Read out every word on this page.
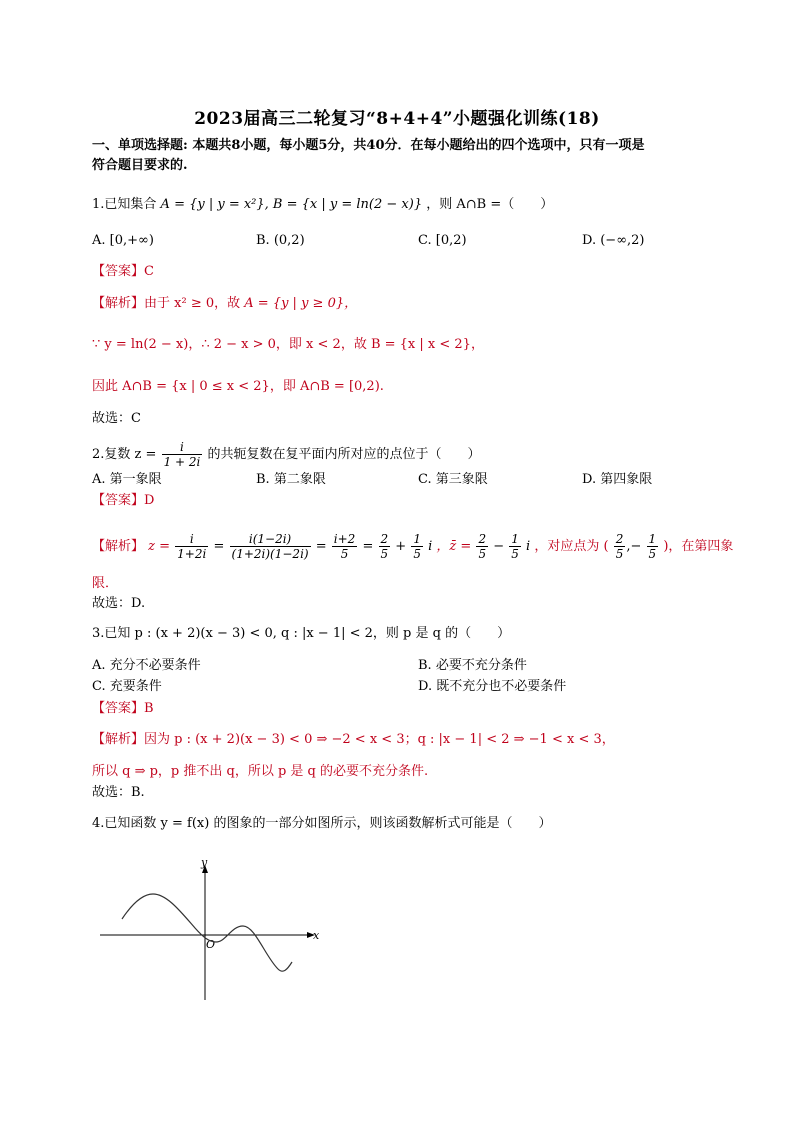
2023届高三二轮复习“8+4+4”小题强化训练(18)
一、单项选择题: 本题共8小题，每小题5分，共40分．在每小题给出的四个选项中，只有一项是
符合题目要求的.
1.已知集合 A = {y | y = x²}, B = {x | y = ln(2 − x)} ，则 A∩B =（　　）
A. [0,+∞)	B. (0,2)	C. [0,2)	D. (−∞,2)
【答案】C
【解析】由于 x² ≥ 0，故 A = {y | y ≥ 0}，
∵ y = ln(2 − x)，∴ 2 − x > 0，即 x < 2，故 B = {x | x < 2}，
因此 A∩B = {x | 0 ≤ x < 2}，即 A∩B = [0,2).
故选：C
2.复数 $z = \frac{i}{1 + 2i}$ 的共轭复数在复平面内所对应的点位于（　　）
A. 第一象限	B. 第二象限	C. 第三象限	D. 第四象限
【答案】D
【解析】 $z = \frac{i}{1+2i} = \frac{i(1-2i)}{(1+2i)(1-2i)} = \frac{i+2}{5} = \frac{2}{5} + \frac{1}{5}$ i ，z̄ = $\frac{2}{5} - \frac{1}{5}$ i ，对应点为 ( $\frac{2}{5}$ ,− $\frac{1}{5}$ )，在第四象
限．
故选：D.
3.已知 p : (x + 2)(x − 3) < 0, q : |x − 1| < 2，则 p 是 q 的（　　）
A. 充分不必要条件	B. 必要不充分条件
C. 充要条件	D. 既不充分也不必要条件
【答案】B
【解析】因为 p : (x + 2)(x − 3) < 0 ⇒ −2 < x < 3；q : |x − 1| < 2 ⇒ −1 < x < 3，
所以 q ⇒ p，p 推不出 q，所以 p 是 q 的必要不充分条件.
故选：B.
4.已知函数 y = f(x) 的图象的一部分如图所示，则该函数解析式可能是（　　）
x
y
O
